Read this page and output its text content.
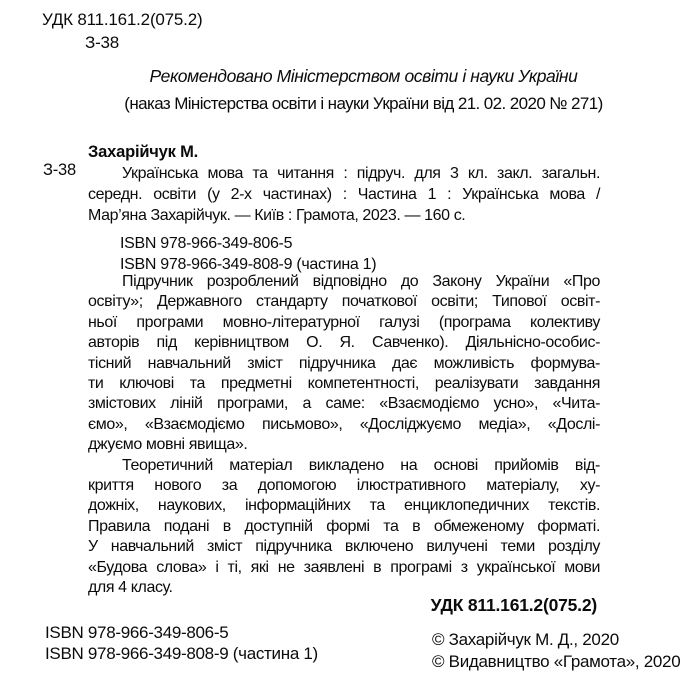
УДК 811.161.2(075.2)
З-38
Рекомендовано Міністерством освіти і науки України
(наказ Міністерства освіти і науки України від 21. 02. 2020 № 271)
З-38
Захарійчук М.
Українська мова та читання : підруч. для 3 кл. закл. загальн.
середн. освіти (у 2-х частинах) : Частина 1 : Українська мова /
Мар’яна Захарійчук. — Київ : Грамота, 2023. — 160 с.
ISBN 978-966-349-806-5
ISBN 978-966-349-808-9 (частина 1)
Підручник розроблений відповідно до Закону України «Про
освіту»; Державного стандарту початкової освіти; Типової освіт-
ньої програми мовно-літературної галузі (програма колективу
авторів під керівництвом О. Я. Савченко). Діяльнісно-особис-
тісний навчальний зміст підручника дає можливість формува-
ти ключові та предметні компетентності, реалізувати завдання
змістових ліній програми, а саме: «Взаємодіємо усно», «Чита-
ємо», «Взаємодіємо письмово», «Досліджуємо медіа», «Дослі-
джуємо мовні явища».
Теоретичний матеріал викладено на основі прийомів від-
криття нового за допомогою ілюстративного матеріалу, ху-
дожніх, наукових, інформаційних та енциклопедичних текстів.
Правила подані в доступній формі та в обмеженому форматі.
У навчальний зміст підручника включено вилучені теми розділу
«Будова слова» і ті, які не заявлені в програмі з української мови
для 4 класу.
УДК 811.161.2(075.2)
ISBN 978-966-349-806-5
ISBN 978-966-349-808-9 (частина 1)
© Захарійчук М. Д., 2020
© Видавництво «Грамота», 2020
